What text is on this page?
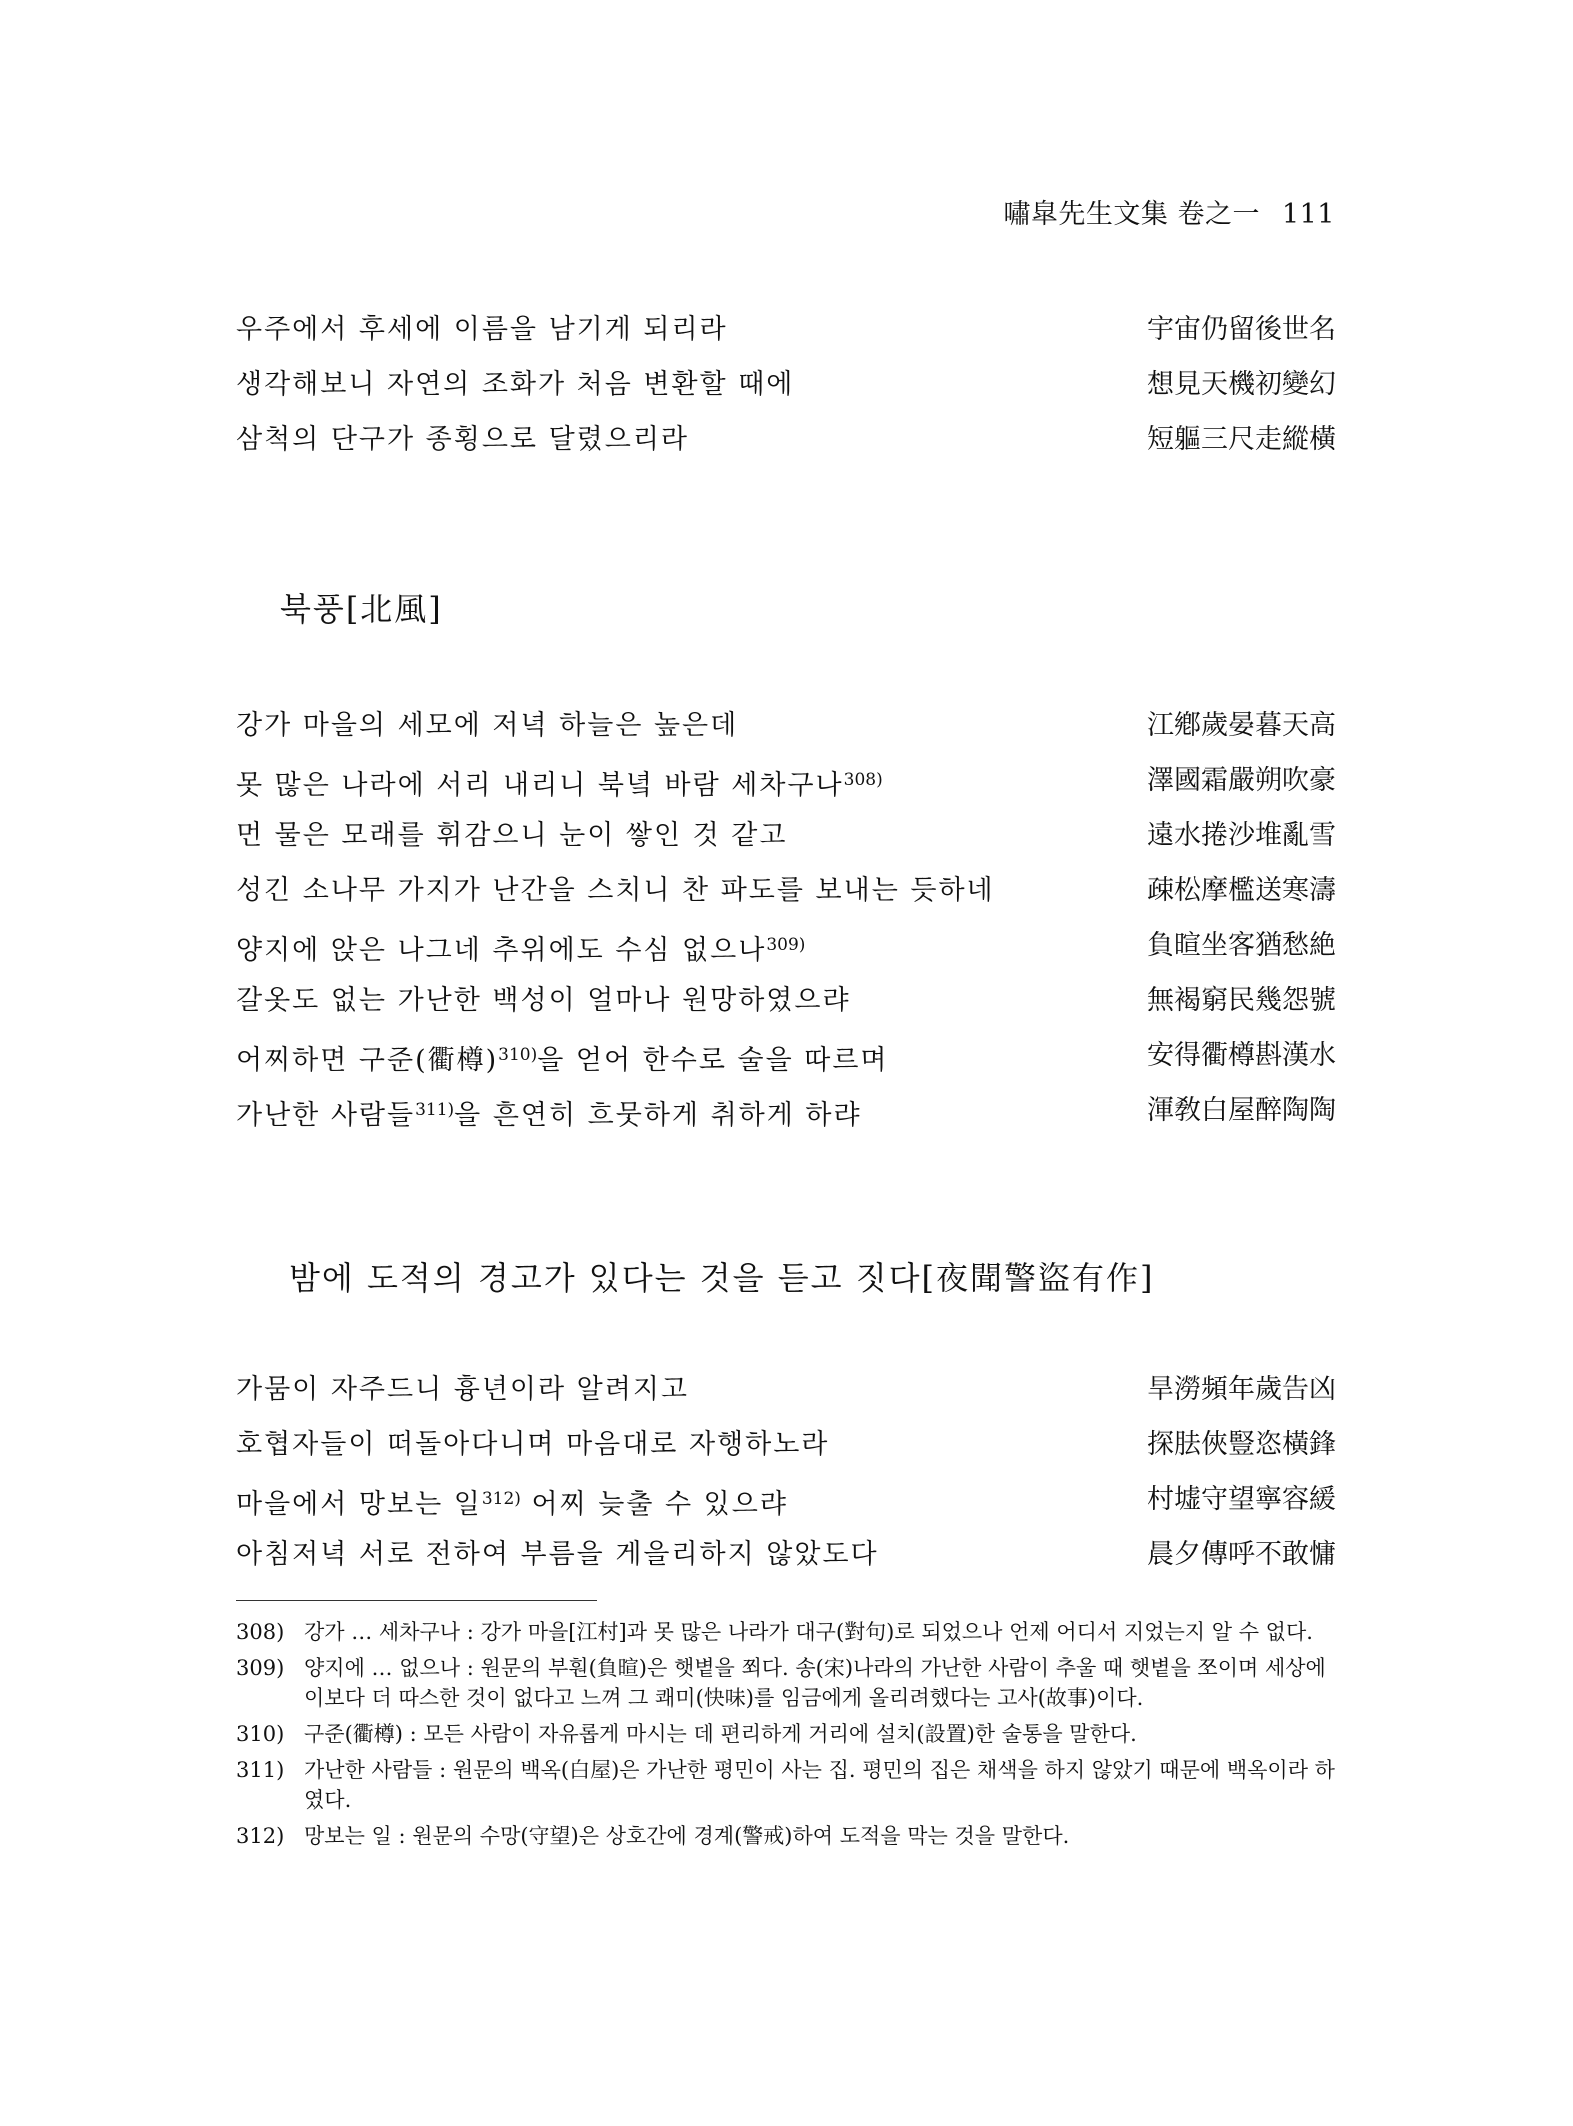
嘯皐先生文集 卷之一 111
우주에서 후세에 이름을 남기게 되리라	宇宙仍留後世名
생각해보니 자연의 조화가 처음 변환할 때에	想見天機初變幻
삼척의 단구가 종횡으로 달렸으리라	短軀三尺走縱橫
북풍[北風]
강가 마을의 세모에 저녁 하늘은 높은데	江鄕歲晏暮天高
못 많은 나라에 서리 내리니 북녘 바람 세차구나$^{308)}$	澤國霜嚴朔吹豪
먼 물은 모래를 휘감으니 눈이 쌓인 것 같고	遠水捲沙堆亂雪
성긴 소나무 가지가 난간을 스치니 찬 파도를 보내는 듯하네	疎松摩檻送寒濤
양지에 앉은 나그네 추위에도 수심 없으나$^{309)}$	負暄坐客猶愁絶
갈옷도 없는 가난한 백성이 얼마나 원망하였으랴	無褐窮民幾怨號
어찌하면 구준(衢樽)$^{310)}$을 얻어 한수로 술을 따르며	安得衢樽斟漢水
가난한 사람들$^{311)}$을 흔연히 흐뭇하게 취하게 하랴	渾敎白屋醉陶陶
밤에 도적의 경고가 있다는 것을 듣고 짓다[夜聞警盜有作]
가뭄이 자주드니 흉년이라 알려지고	旱澇頻年歲告凶
호협자들이 떠돌아다니며 마음대로 자행하노라	探胠俠豎恣橫鋒
마을에서 망보는 일$^{312)}$ 어찌 늦출 수 있으랴	村墟守望寧容緩
아침저녁 서로 전하여 부름을 게을리하지 않았도다	晨夕傳呼不敢慵
308) 강가 … 세차구나 : 강가 마을[江村]과 못 많은 나라가 대구(對句)로 되었으나 언제 어디서 지었는지 알 수 없다.
309) 양지에 … 없으나 : 원문의 부훤(負暄)은 햇볕을 쬐다. 송(宋)나라의 가난한 사람이 추울 때 햇볕을 쪼이며 세상에 이보다 더 따스한 것이 없다고 느껴 그 쾌미(快味)를 임금에게 올리려했다는 고사(故事)이다.
310) 구준(衢樽) : 모든 사람이 자유롭게 마시는 데 편리하게 거리에 설치(設置)한 술통을 말한다.
311) 가난한 사람들 : 원문의 백옥(白屋)은 가난한 평민이 사는 집. 평민의 집은 채색을 하지 않았기 때문에 백옥이라 하였다.
312) 망보는 일 : 원문의 수망(守望)은 상호간에 경계(警戒)하여 도적을 막는 것을 말한다.
